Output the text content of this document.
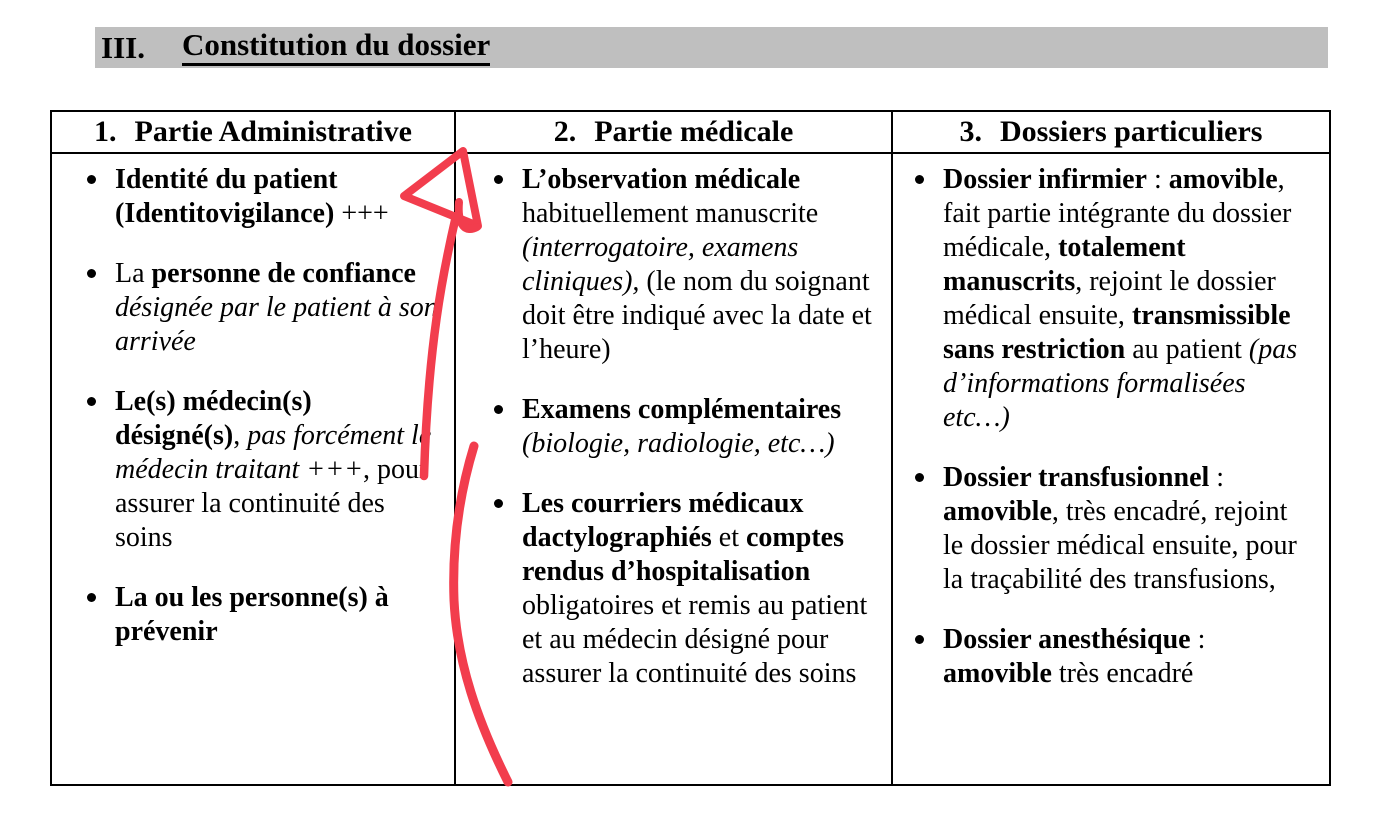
III. Constitution du dossier
1. Partie Administrative
Identité du patient (Identitovigilance) +++
La personne de confiance désignée par le patient à son arrivée
Le(s) médecin(s) désigné(s), pas forcément le médecin traitant +++, pour assurer la continuité des soins
La ou les personne(s) à prévenir
2. Partie médicale
L’observation médicale habituellement manuscrite (interrogatoire, examens cliniques), (le nom du soignant doit être indiqué avec la date et l’heure)
Examens complémentaires (biologie, radiologie, etc…)
Les courriers médicaux dactylographiés et comptes rendus d’hospitalisation obligatoires et remis au patient et au médecin désigné pour assurer la continuité des soins
3. Dossiers particuliers
Dossier infirmier : amovible, fait partie intégrante du dossier médicale, totalement manuscrits, rejoint le dossier médical ensuite, transmissible sans restriction au patient (pas d’informations formalisées etc…)
Dossier transfusionnel : amovible, très encadré, rejoint le dossier médical ensuite, pour la traçabilité des transfusions,
Dossier anesthésique : amovible très encadré
